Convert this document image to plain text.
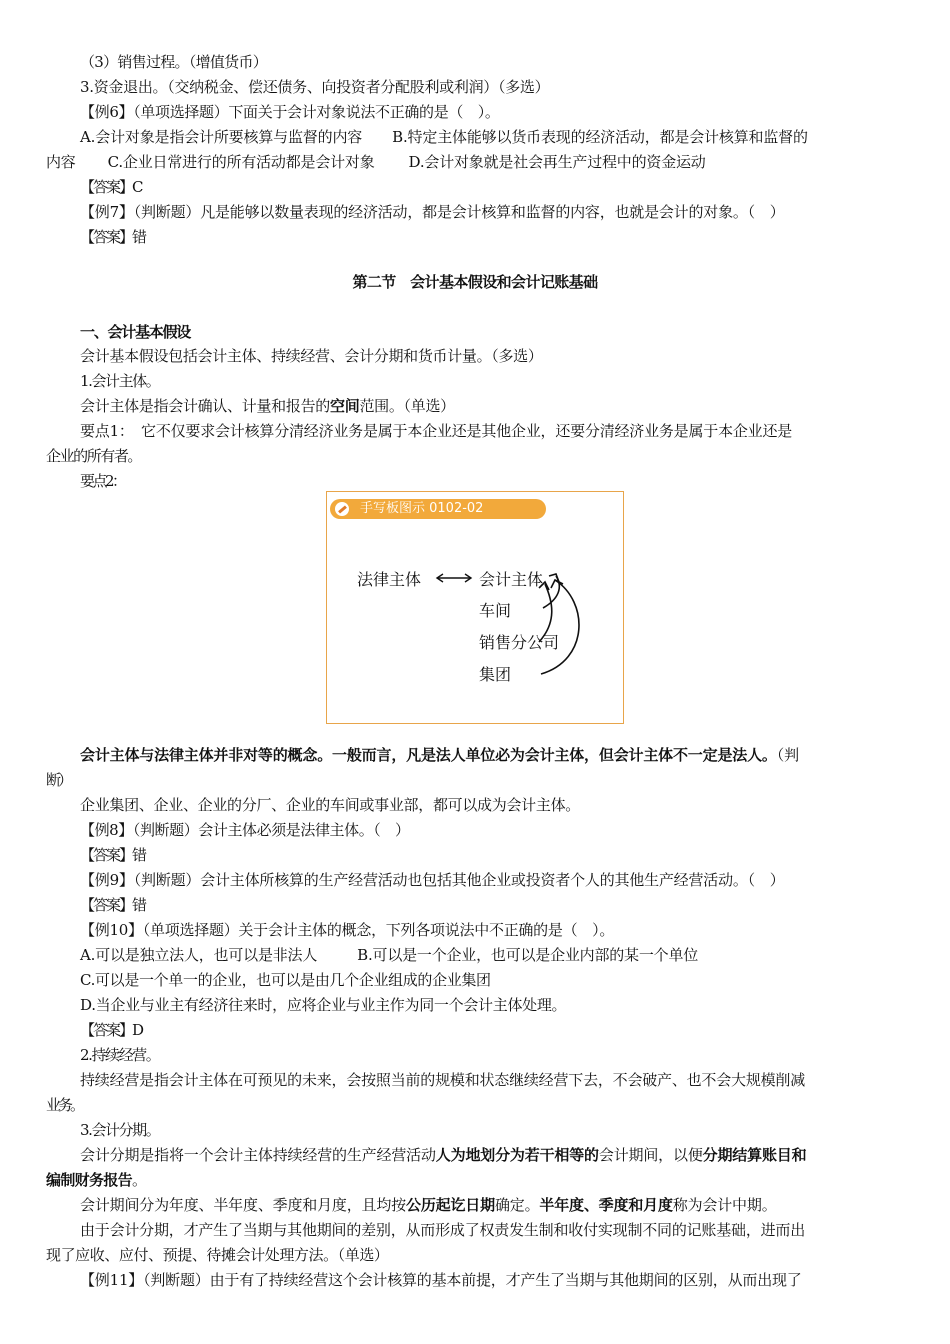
（3）销售过程。（增值货币）
3.资金退出。（交纳税金、偿还债务、向投资者分配股利或利润）（多选）
【例6】（单项选择题）下面关于会计对象说法不正确的是（　）。
A.会计对象是指会计所要核算与监督的内容 B.特定主体能够以货币表现的经济活动，都是会计核算和监督的
内容 C.企业日常进行的所有活动都是会计对象 D.会计对象就是社会再生产过程中的资金运动
【答案】C
【例7】（判断题）凡是能够以数量表现的经济活动，都是会计核算和监督的内容，也就是会计的对象。（　）
【答案】错
第二节　会计基本假设和会计记账基础
一、会计基本假设
会计基本假设包括会计主体、持续经营、会计分期和货币计量。（多选）
1.会计主体。
会计主体是指会计确认、计量和报告的空间范围。（单选）
要点1：　它不仅要求会计核算分清经济业务是属于本企业还是其他企业，还要分清经济业务是属于本企业还是
企业的所有者。
要点2：
手写板图示 0102-02
法律主体	会计主体
车间
销售分公司
集团
会计主体与法律主体并非对等的概念。一般而言，凡是法人单位必为会计主体，但会计主体不一定是法人。（判
断）
企业集团、企业、企业的分厂、企业的车间或事业部，都可以成为会计主体。
【例8】（判断题）会计主体必须是法律主体。（　）
【答案】错
【例9】（判断题）会计主体所核算的生产经营活动也包括其他企业或投资者个人的其他生产经营活动。（　）
【答案】错
【例10】（单项选择题）关于会计主体的概念，下列各项说法中不正确的是（　）。
A.可以是独立法人，也可以是非法人	B.可以是一个企业，也可以是企业内部的某一个单位
C.可以是一个单一的企业，也可以是由几个企业组成的企业集团
D.当企业与业主有经济往来时，应将企业与业主作为同一个会计主体处理。
【答案】D
2.持续经营。
持续经营是指会计主体在可预见的未来，会按照当前的规模和状态继续经营下去，不会破产、也不会大规模削减
业务。
3.会计分期。
会计分期是指将一个会计主体持续经营的生产经营活动人为地划分为若干相等的会计期间，以便分期结算账目和
编制财务报告。
会计期间分为年度、半年度、季度和月度，且均按公历起讫日期确定。半年度、季度和月度称为会计中期。
由于会计分期，才产生了当期与其他期间的差别，从而形成了权责发生制和收付实现制不同的记账基础，进而出
现了应收、应付、预提、待摊会计处理方法。（单选）
【例11】（判断题）由于有了持续经营这个会计核算的基本前提，才产生了当期与其他期间的区别，从而出现了
